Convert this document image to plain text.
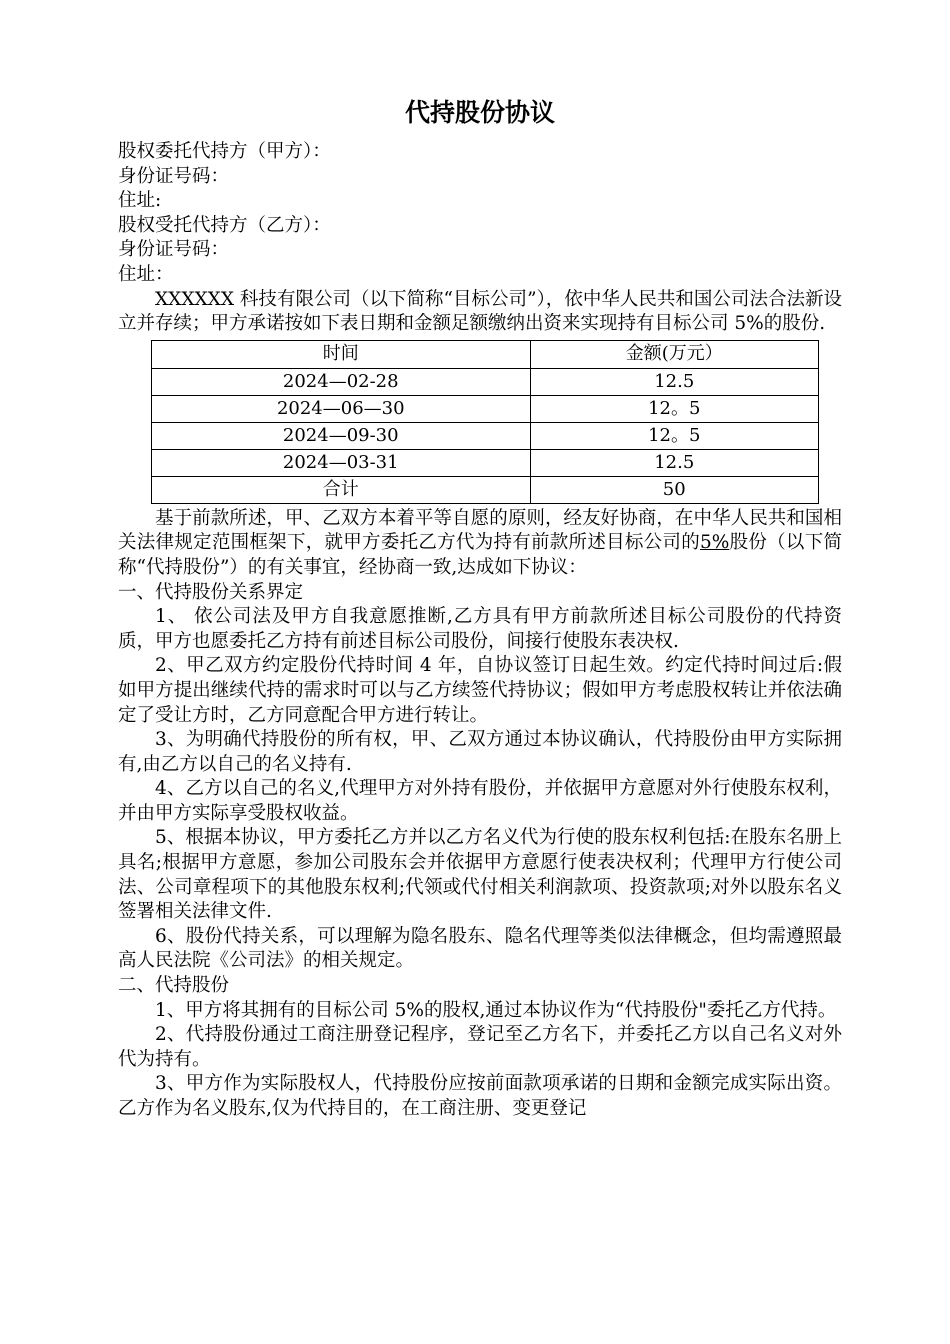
代持股份协议

股权委托代持方（甲方）：

身份证号码：

住址:

股权受托代持方（乙方）：

身份证号码：

住址：

XXXXXX 科技有限公司（以下简称“目标公司”），依中华人民共和国公司法合法新设立并存续；甲方承诺按如下表日期和金额足额缴纳出资来实现持有目标公司 5%的股份.

时间	金额(万元）
2024—02-28	12.5
2024—06—30	12。5
2024—09-30	12。5
2024—03-31	12.5
合计	50

基于前款所述，甲、乙双方本着平等自愿的原则，经友好协商，在中华人民共和国相关法律规定范围框架下，就甲方委托乙方代为持有前款所述目标公司的5%股份（以下简称“代持股份”）的有关事宜，经协商一致,达成如下协议：

一、代持股份关系界定

1、 依公司法及甲方自我意愿推断,乙方具有甲方前款所述目标公司股份的代持资质，甲方也愿委托乙方持有前述目标公司股份，间接行使股东表决权.

2、甲乙双方约定股份代持时间 4 年，自协议签订日起生效。约定代持时间过后:假如甲方提出继续代持的需求时可以与乙方续签代持协议；假如甲方考虑股权转让并依法确定了受让方时，乙方同意配合甲方进行转让。

3、为明确代持股份的所有权，甲、乙双方通过本协议确认，代持股份由甲方实际拥有,由乙方以自己的名义持有.

4、乙方以自己的名义,代理甲方对外持有股份，并依据甲方意愿对外行使股东权利，并由甲方实际享受股权收益。

5、根据本协议，甲方委托乙方并以乙方名义代为行使的股东权利包括:在股东名册上具名;根据甲方意愿，参加公司股东会并依据甲方意愿行使表决权利；代理甲方行使公司法、公司章程项下的其他股东权利;代领或代付相关利润款项、投资款项;对外以股东名义签署相关法律文件.

6、股份代持关系，可以理解为隐名股东、隐名代理等类似法律概念，但均需遵照最高人民法院《公司法》的相关规定。

二、代持股份

1、甲方将其拥有的目标公司 5%的股权,通过本协议作为“代持股份"委托乙方代持。

2、代持股份通过工商注册登记程序，登记至乙方名下，并委托乙方以自己名义对外代为持有。

3、甲方作为实际股权人，代持股份应按前面款项承诺的日期和金额完成实际出资。乙方作为名义股东,仅为代持目的，在工商注册、变更登记
